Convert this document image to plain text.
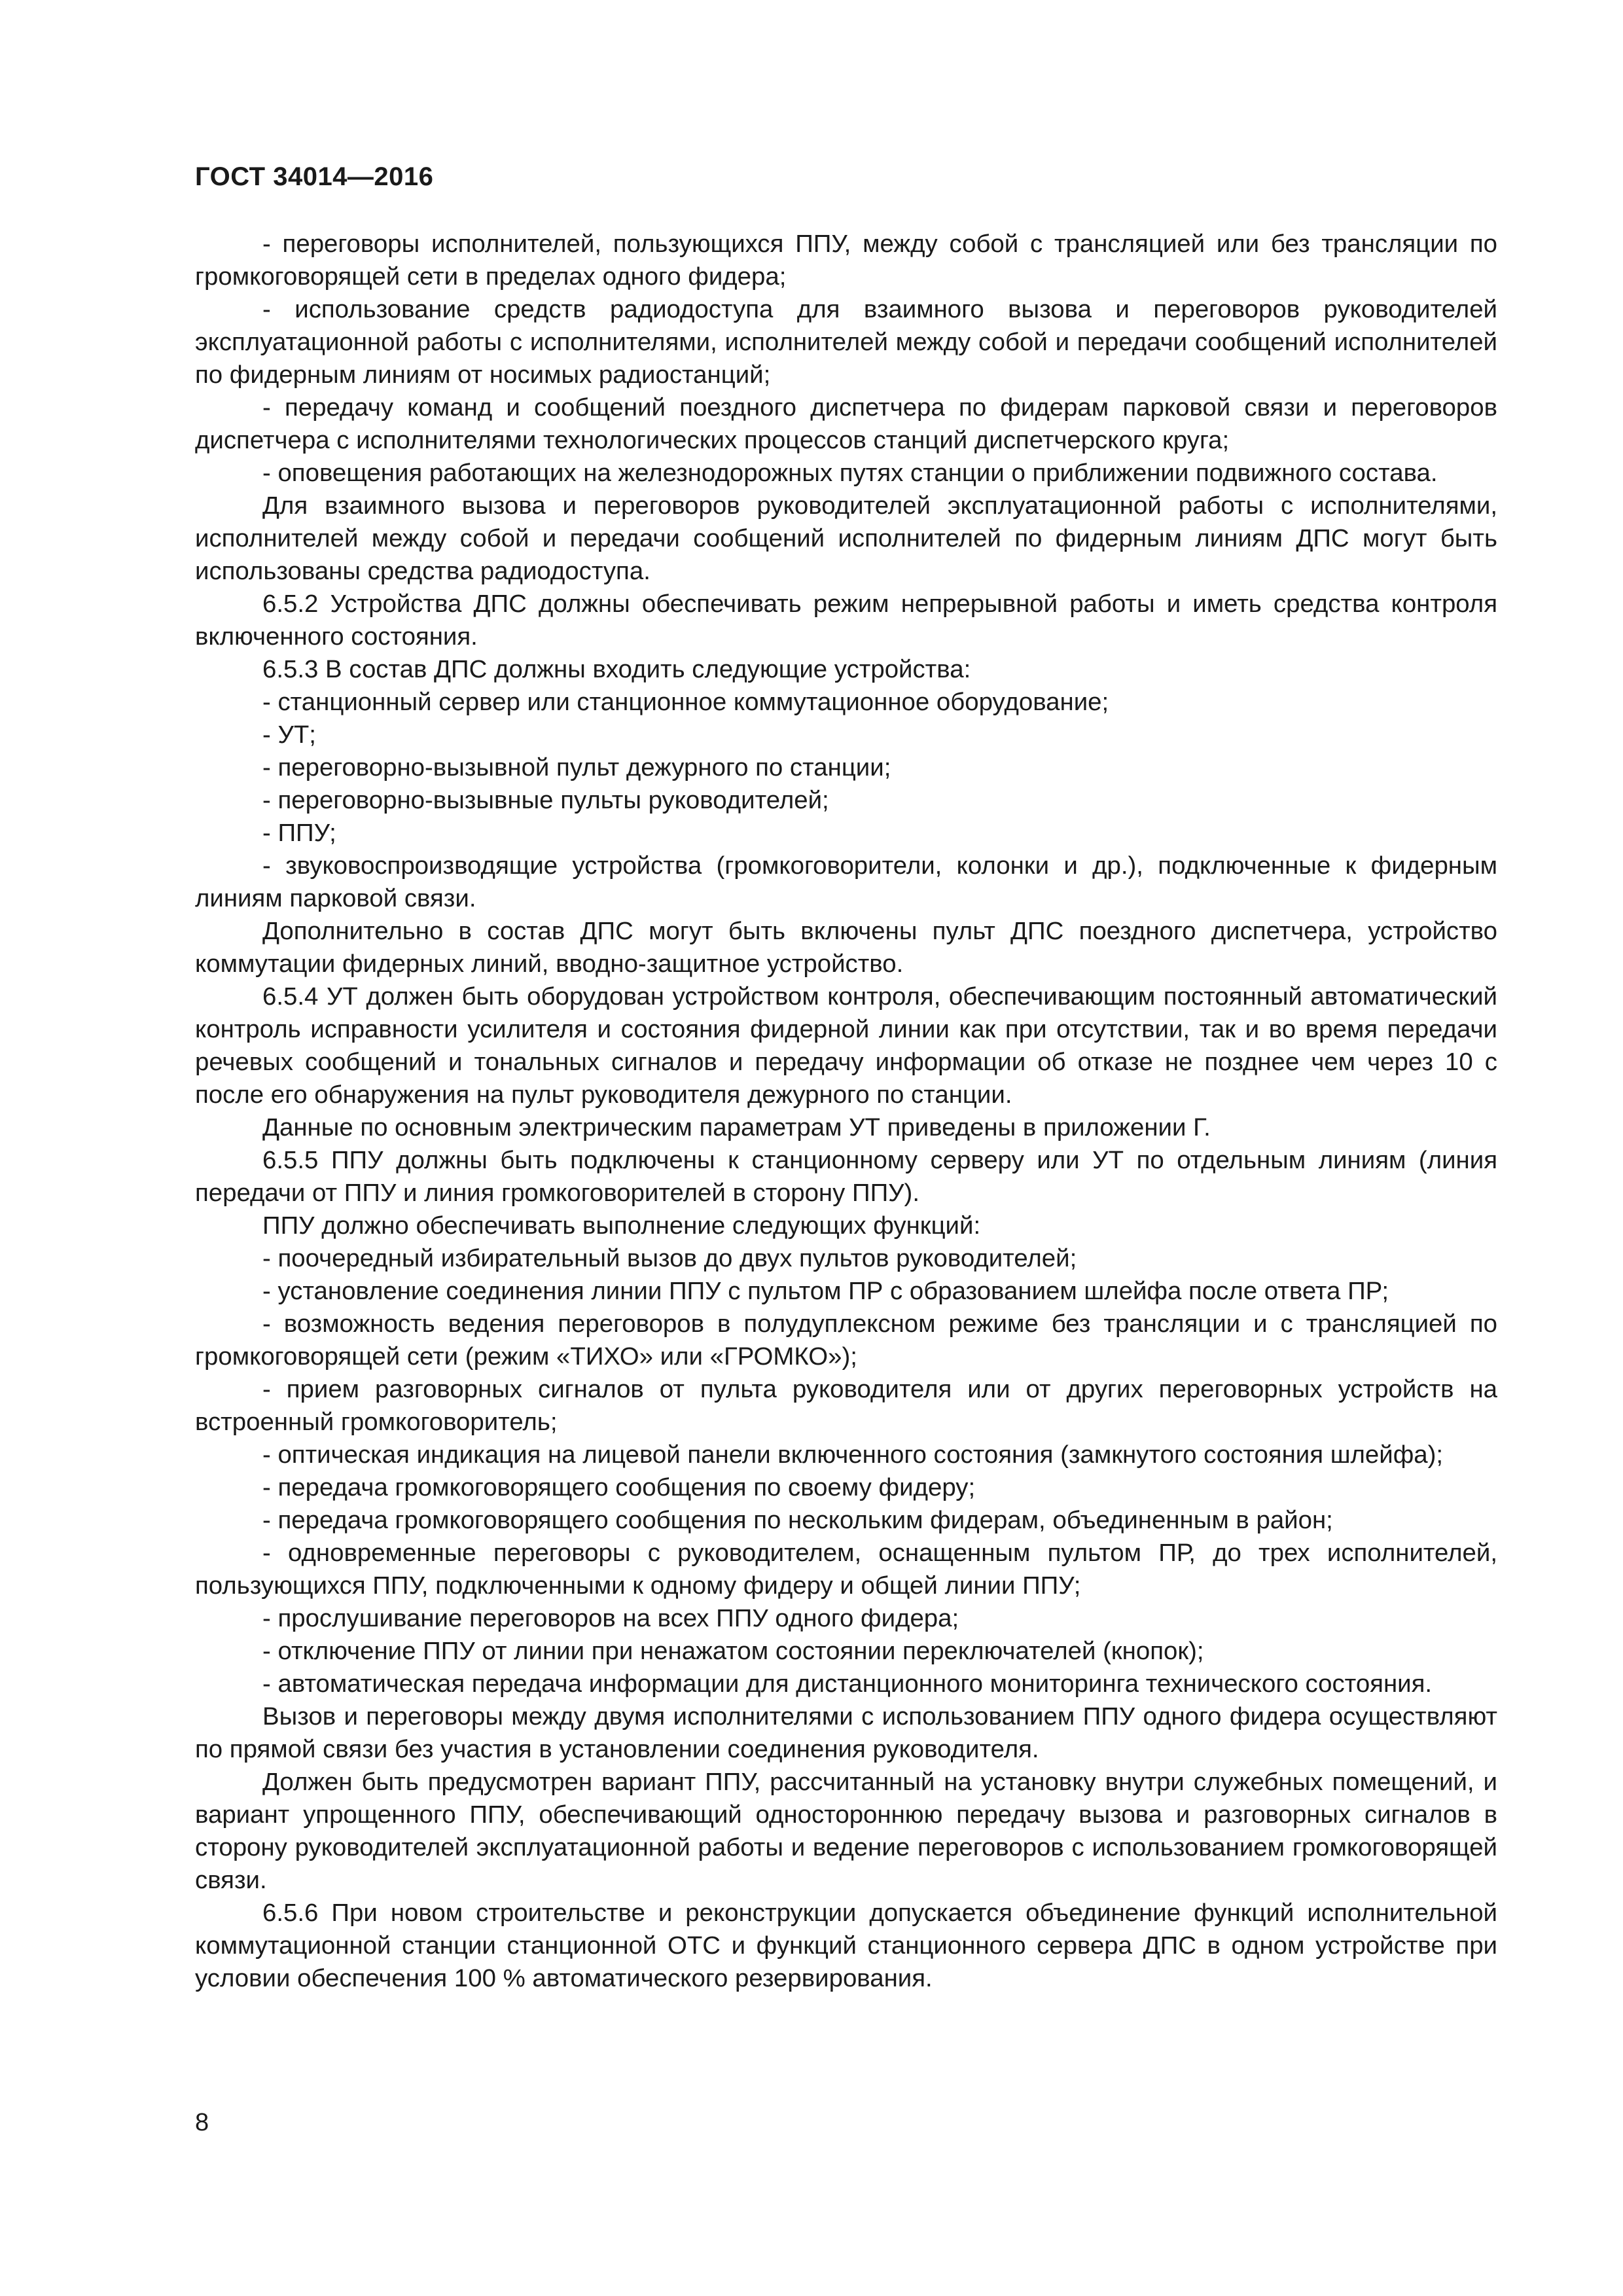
ГОСТ 34014—2016

- переговоры исполнителей, пользующихся ППУ, между собой с трансляцией или без трансляции по громкоговорящей сети в пределах одного фидера;

- использование средств радиодоступа для взаимного вызова и переговоров руководителей эксплуатационной работы с исполнителями, исполнителей между собой и передачи сообщений исполнителей по фидерным линиям от носимых радиостанций;

- передачу команд и сообщений поездного диспетчера по фидерам парковой связи и переговоров диспетчера с исполнителями технологических процессов станций диспетчерского круга;

- оповещения работающих на железнодорожных путях станции о приближении подвижного состава.

Для взаимного вызова и переговоров руководителей эксплуатационной работы с исполнителями, исполнителей между собой и передачи сообщений исполнителей по фидерным линиям ДПС могут быть использованы средства радиодоступа.

6.5.2 Устройства ДПС должны обеспечивать режим непрерывной работы и иметь средства контроля включенного состояния.

6.5.3 В состав ДПС должны входить следующие устройства:

- станционный сервер или станционное коммутационное оборудование;

- УТ;

- переговорно-вызывной пульт дежурного по станции;

- переговорно-вызывные пульты руководителей;

- ППУ;

- звуковоспроизводящие устройства (громкоговорители, колонки и др.), подключенные к фидерным линиям парковой связи.

Дополнительно в состав ДПС могут быть включены пульт ДПС поездного диспетчера, устройство коммутации фидерных линий, вводно-защитное устройство.

6.5.4 УТ должен быть оборудован устройством контроля, обеспечивающим постоянный автоматический контроль исправности усилителя и состояния фидерной линии как при отсутствии, так и во время передачи речевых сообщений и тональных сигналов и передачу информации об отказе не позднее чем через 10 с после его обнаружения на пульт руководителя дежурного по станции.

Данные по основным электрическим параметрам УТ приведены в приложении Г.

6.5.5 ППУ должны быть подключены к станционному серверу или УТ по отдельным линиям (линия передачи от ППУ и линия громкоговорителей в сторону ППУ).

ППУ должно обеспечивать выполнение следующих функций:

- поочередный избирательный вызов до двух пультов руководителей;

- установление соединения линии ППУ с пультом ПР с образованием шлейфа после ответа ПР;

- возможность ведения переговоров в полудуплексном режиме без трансляции и с трансляцией по громкоговорящей сети (режим «ТИХО» или «ГРОМКО»);

- прием разговорных сигналов от пульта руководителя или от других переговорных устройств на встроенный громкоговоритель;

- оптическая индикация на лицевой панели включенного состояния (замкнутого состояния шлейфа);

- передача громкоговорящего сообщения по своему фидеру;

- передача громкоговорящего сообщения по нескольким фидерам, объединенным в район;

- одновременные переговоры с руководителем, оснащенным пультом ПР, до трех исполнителей, пользующихся ППУ, подключенными к одному фидеру и общей линии ППУ;

- прослушивание переговоров на всех ППУ одного фидера;

- отключение ППУ от линии при ненажатом состоянии переключателей (кнопок);

- автоматическая передача информации для дистанционного мониторинга технического состояния.

Вызов и переговоры между двумя исполнителями с использованием ППУ одного фидера осуществляют по прямой связи без участия в установлении соединения руководителя.

Должен быть предусмотрен вариант ППУ, рассчитанный на установку внутри служебных помещений, и вариант упрощенного ППУ, обеспечивающий одностороннюю передачу вызова и разговорных сигналов в сторону руководителей эксплуатационной работы и ведение переговоров с использованием громкоговорящей связи.

6.5.6 При новом строительстве и реконструкции допускается объединение функций исполнительной коммутационной станции станционной ОТС и функций станционного сервера ДПС в одном устройстве при условии обеспечения 100 % автоматического резервирования.

8
